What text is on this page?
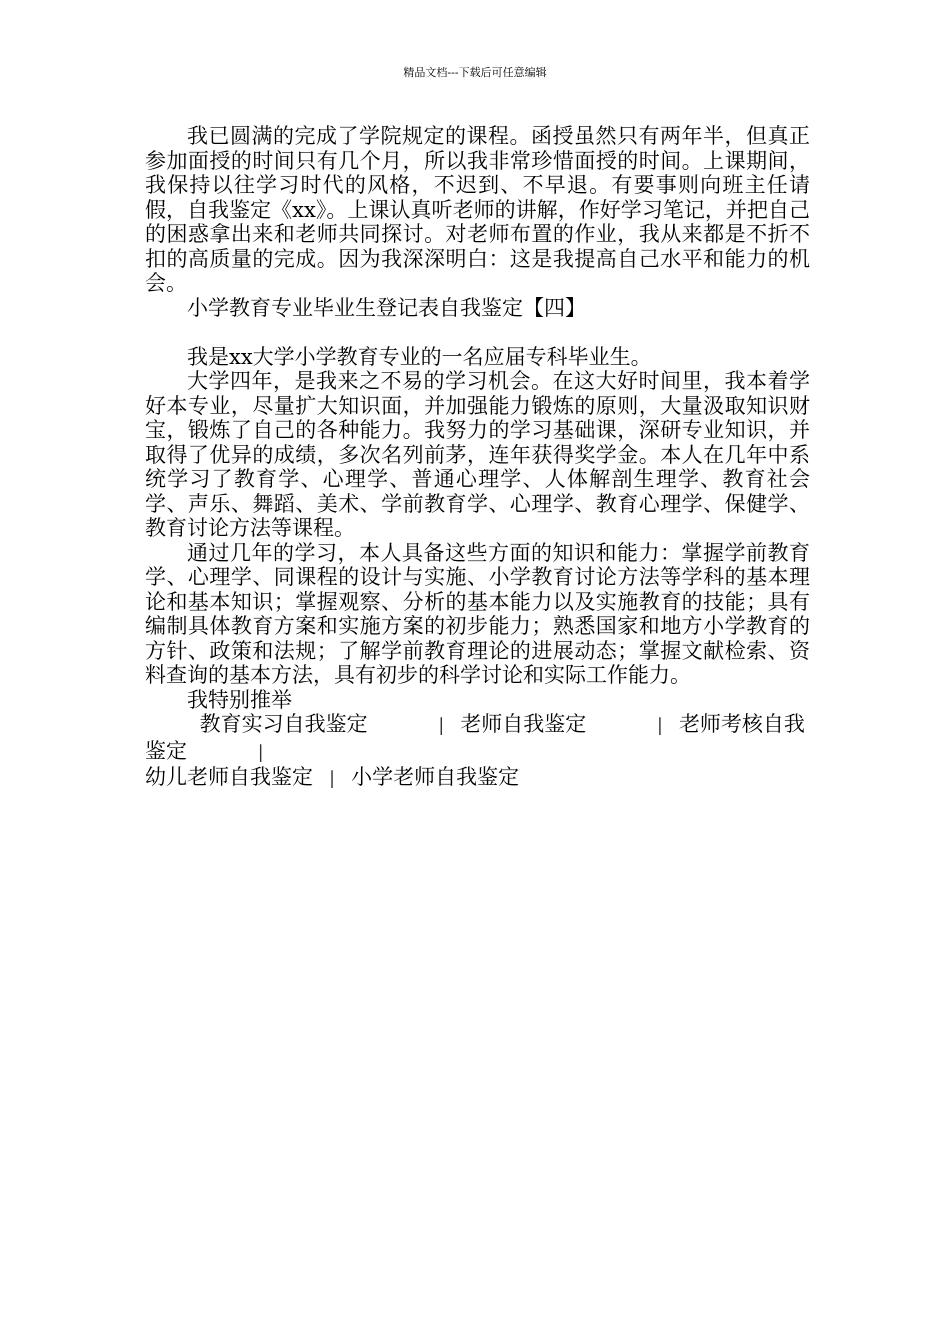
精品文档---下载后可任意编辑

我已圆满的完成了学院规定的课程。函授虽然只有两年半，但真正参加面授的时间只有几个月，所以我非常珍惜面授的时间。上课期间，我保持以往学习时代的风格，不迟到、不早退。有要事则向班主任请假，自我鉴定《xx》。上课认真听老师的讲解，作好学习笔记，并把自己的困惑拿出来和老师共同探讨。对老师布置的作业，我从来都是不折不扣的高质量的完成。因为我深深明白：这是我提高自己水平和能力的机会。

小学教育专业毕业生登记表自我鉴定【四】

我是xx大学小学教育专业的一名应届专科毕业生。

大学四年，是我来之不易的学习机会。在这大好时间里，我本着学好本专业，尽量扩大知识面，并加强能力锻炼的原则，大量汲取知识财宝，锻炼了自己的各种能力。我努力的学习基础课，深研专业知识，并取得了优异的成绩，多次名列前茅，连年获得奖学金。本人在几年中系统学习了教育学、心理学、普通心理学、人体解剖生理学、教育社会学、声乐、舞蹈、美术、学前教育学、心理学、教育心理学、保健学、教育讨论方法等课程。

通过几年的学习，本人具备这些方面的知识和能力：掌握学前教育学、心理学、同课程的设计与实施、小学教育讨论方法等学科的基本理论和基本知识；掌握观察、分析的基本能力以及实施教育的技能；具有编制具体教育方案和实施方案的初步能力；熟悉国家和地方小学教育的方针、政策和法规；了解学前教育理论的进展动态；掌握文献检索、资料查询的基本方法，具有初步的科学讨论和实际工作能力。

我特别推举

教育实习自我鉴定	| 老师自我鉴定	| 老师考核自我鉴定	|

幼儿老师自我鉴定 | 小学老师自我鉴定
